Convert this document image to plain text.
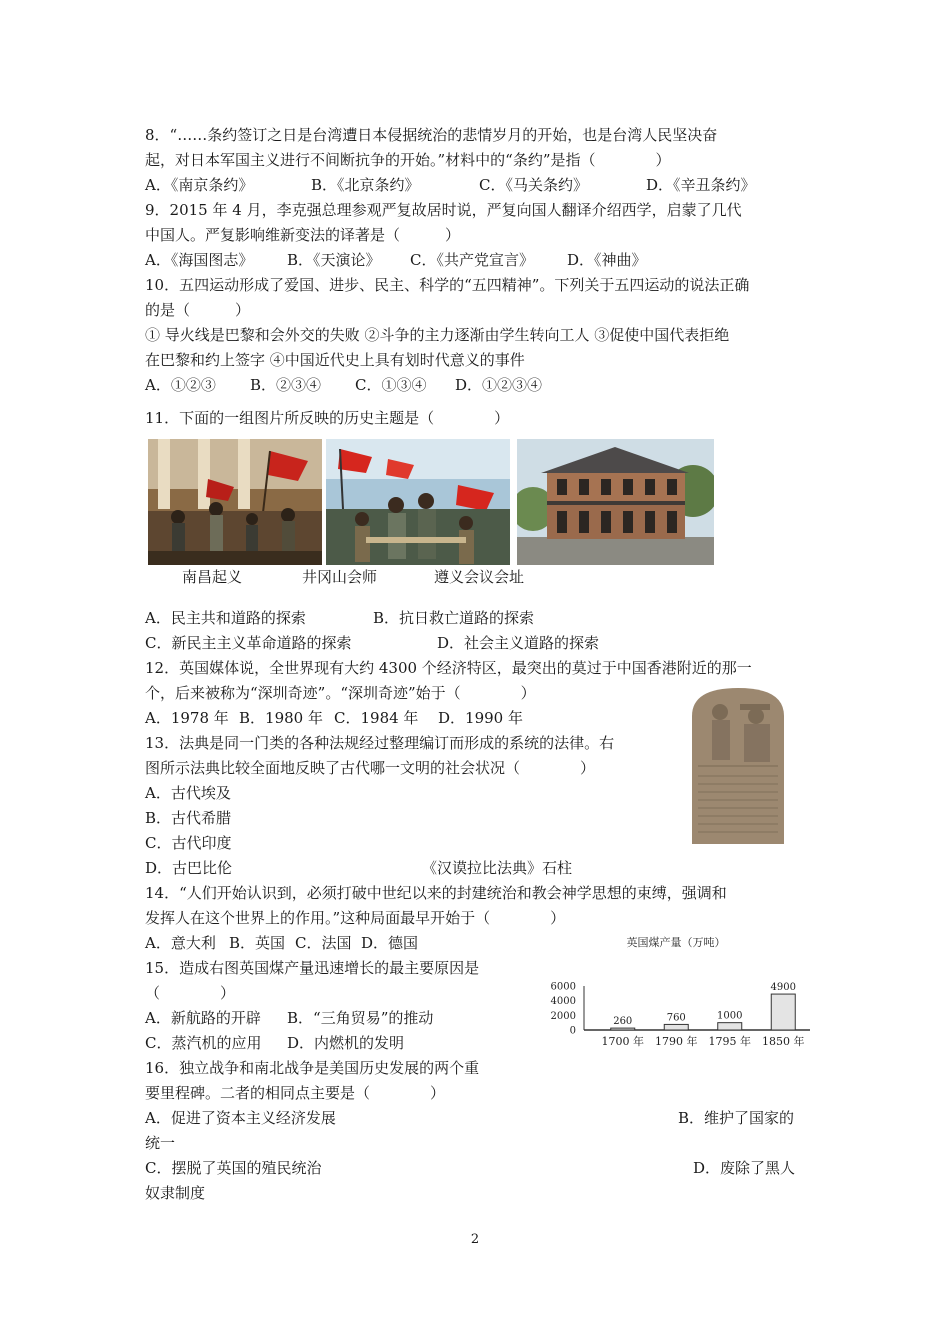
8．“……条约签订之日是台湾遭日本侵据统治的悲情岁月的开始，也是台湾人民坚决奋
起，对日本军国主义进行不间断抗争的开始。”材料中的“条约”是指（　　　　）
A．《南京条约》	B．《北京条约》	C．《马关条约》	D．《辛丑条约》
9．2015 年 4 月，李克强总理参观严复故居时说，严复向国人翻译介绍西学，启蒙了几代
中国人。严复影响维新变法的译著是（　　　）
A．《海国图志》 B．《天演论》 C．《共产党宣言》 D．《神曲》
10．五四运动形成了爱国、进步、民主、科学的“五四精神”。下列关于五四运动的说法正确
的是（　　　）
① 导火线是巴黎和会外交的失败 ②斗争的主力逐渐由学生转向工人 ③促使中国代表拒绝
在巴黎和约上签字 ④中国近代史上具有划时代意义的事件
A．①②③ B．②③④ C．①③④ D．①②③④
11．下面的一组图片所反映的历史主题是（　　　　）
南昌起义	井冈山会师	遵义会议会址
A．民主共和道路的探索	B．抗日救亡道路的探索
C．新民主主义革命道路的探索	D．社会主义道路的探索
12．英国媒体说，全世界现有大约 4300 个经济特区，最突出的莫过于中国香港附近的那一
个，后来被称为“深圳奇迹”。“深圳奇迹”始于（　　　　）
A．1978 年 B．1980 年 C．1984 年 D．1990 年
13．法典是同一门类的各种法规经过整理编订而形成的系统的法律。右
图所示法典比较全面地反映了古代哪一文明的社会状况（　　　　）
A．古代埃及
B．古代希腊
C．古代印度
D．古巴比伦	《汉谟拉比法典》石柱
14．“人们开始认识到，必须打破中世纪以来的封建统治和教会神学思想的束缚，强调和
发挥人在这个世界上的作用。”这种局面最早开始于（　　　　）
A．意大利 B．英国 C．法国 D．德国	英国煤产量（万吨）
0
2000
4000
6000
260
1700 年
760
1790 年
1000
1795 年
4900
1850 年
15．造成右图英国煤产量迅速增长的最主要原因是
（　　　　）
A．新航路的开辟 B．“三角贸易”的推动
C．蒸汽机的应用 D．内燃机的发明
16．独立战争和南北战争是美国历史发展的两个重
要里程碑。二者的相同点主要是（　　　　）
A．促进了资本主义经济发展	B．维护了国家的
统一
C．摆脱了英国的殖民统治	D．废除了黑人
奴隶制度
2
